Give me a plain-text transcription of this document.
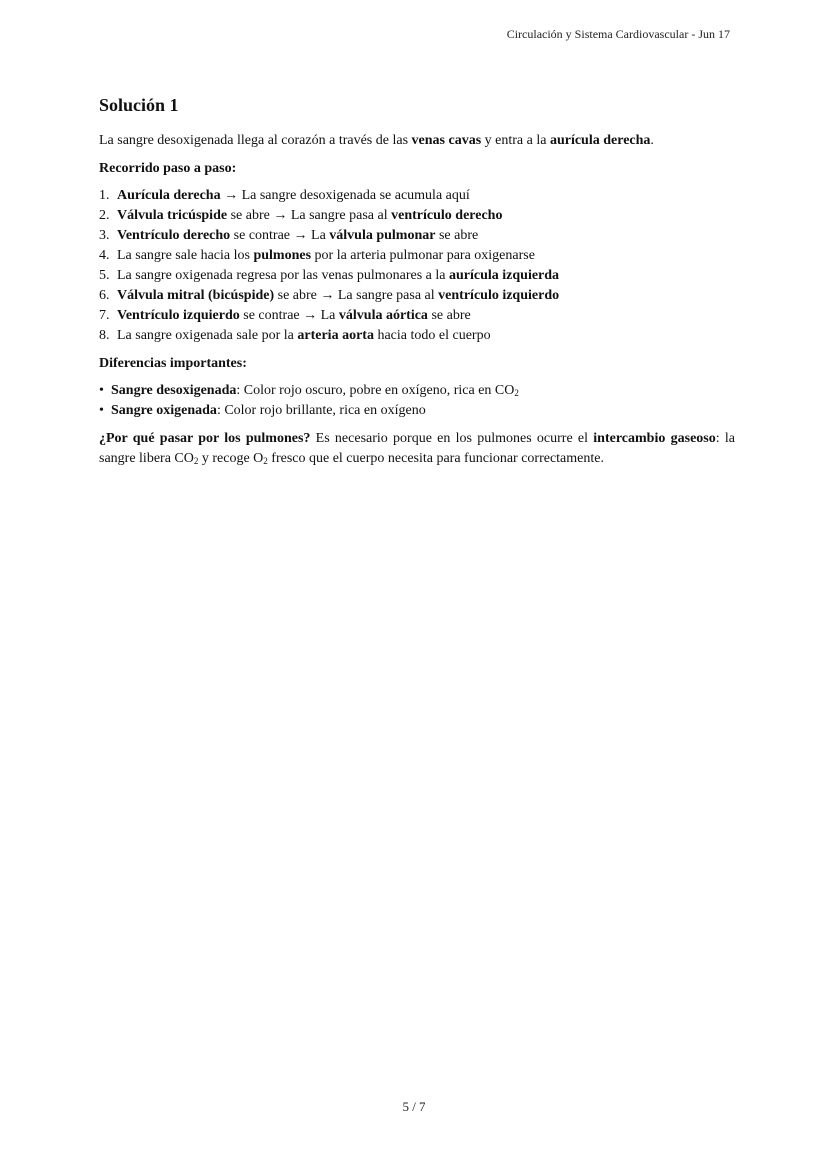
Circulación y Sistema Cardiovascular - Jun 17
Solución 1

La sangre desoxigenada llega al corazón a través de las venas cavas y entra a la aurícula derecha.

Recorrido paso a paso:

1. Aurícula derecha → La sangre desoxigenada se acumula aquí
2. Válvula tricúspide se abre → La sangre pasa al ventrículo derecho
3. Ventrículo derecho se contrae → La válvula pulmonar se abre
4. La sangre sale hacia los pulmones por la arteria pulmonar para oxigenarse
5. La sangre oxigenada regresa por las venas pulmonares a la aurícula izquierda
6. Válvula mitral (bicúspide) se abre → La sangre pasa al ventrículo izquierdo
7. Ventrículo izquierdo se contrae → La válvula aórtica se abre
8. La sangre oxigenada sale por la arteria aorta hacia todo el cuerpo

Diferencias importantes:

• Sangre desoxigenada: Color rojo oscuro, pobre en oxígeno, rica en $CO_2$
• Sangre oxigenada: Color rojo brillante, rica en oxígeno

¿Por qué pasar por los pulmones? Es necesario porque en los pulmones ocurre el intercambio gaseoso: la sangre libera $CO_2$ y recoge $O_2$ fresco que el cuerpo necesita para funcionar correctamente.

5 / 7
